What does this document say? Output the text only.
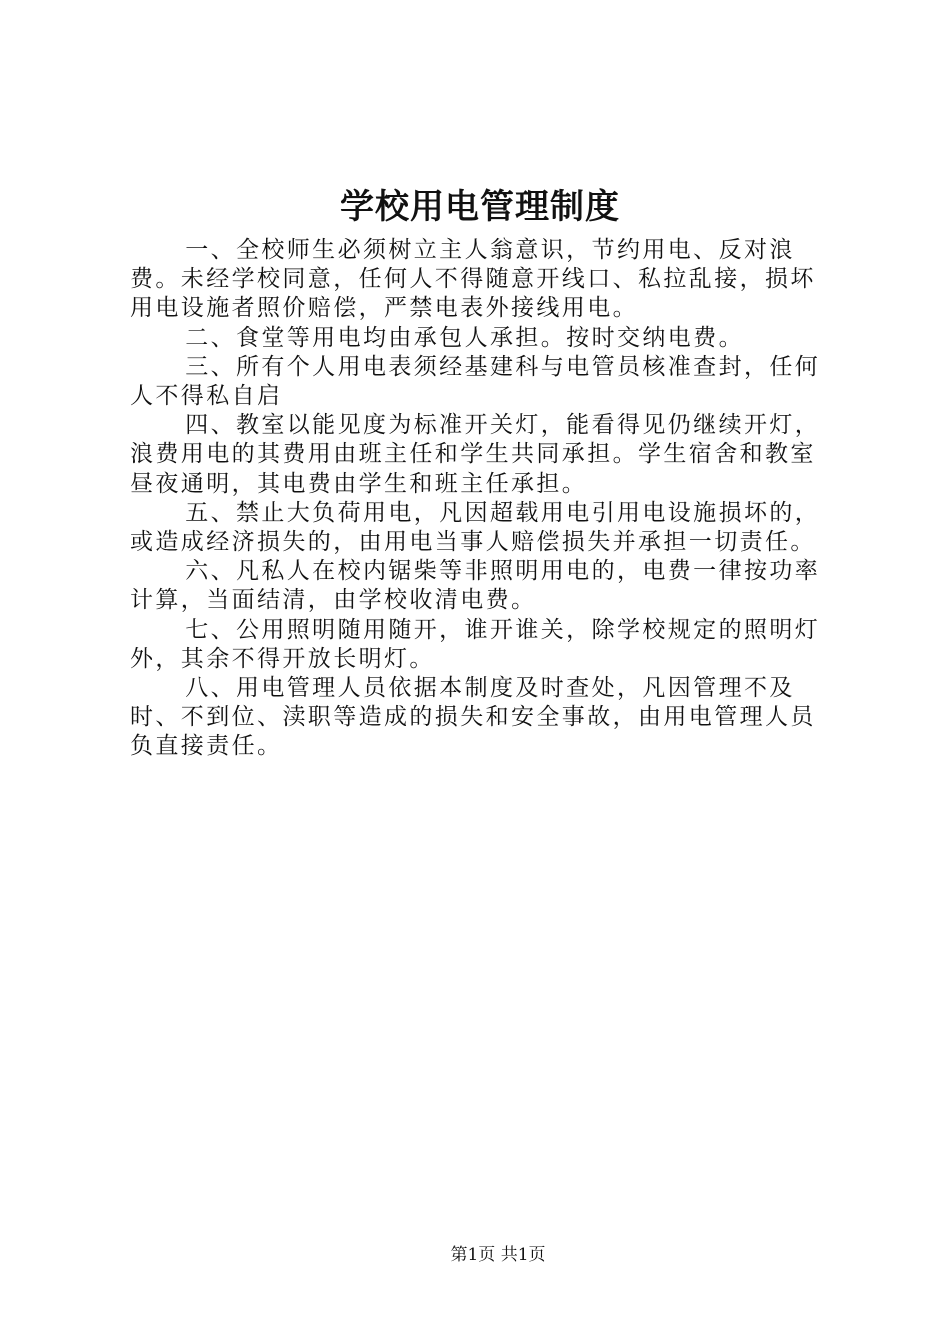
学校用电管理制度

一、全校师生必须树立主人翁意识，节约用电、反对浪费。未经学校同意，任何人不得随意开线口、私拉乱接，损坏用电设施者照价赔偿，严禁电表外接线用电。

二、食堂等用电均由承包人承担。按时交纳电费。

三、所有个人用电表须经基建科与电管员核准查封，任何人不得私自启

四、教室以能见度为标准开关灯，能看得见仍继续开灯，浪费用电的其费用由班主任和学生共同承担。学生宿舍和教室昼夜通明，其电费由学生和班主任承担。

五、禁止大负荷用电，凡因超载用电引用电设施损坏的，或造成经济损失的，由用电当事人赔偿损失并承担一切责任。

六、凡私人在校内锯柴等非照明用电的，电费一律按功率计算，当面结清，由学校收清电费。

七、公用照明随用随开，谁开谁关，除学校规定的照明灯外，其余不得开放长明灯。

八、用电管理人员依据本制度及时查处，凡因管理不及时、不到位、渎职等造成的损失和安全事故，由用电管理人员负直接责任。

第1页 共1页
